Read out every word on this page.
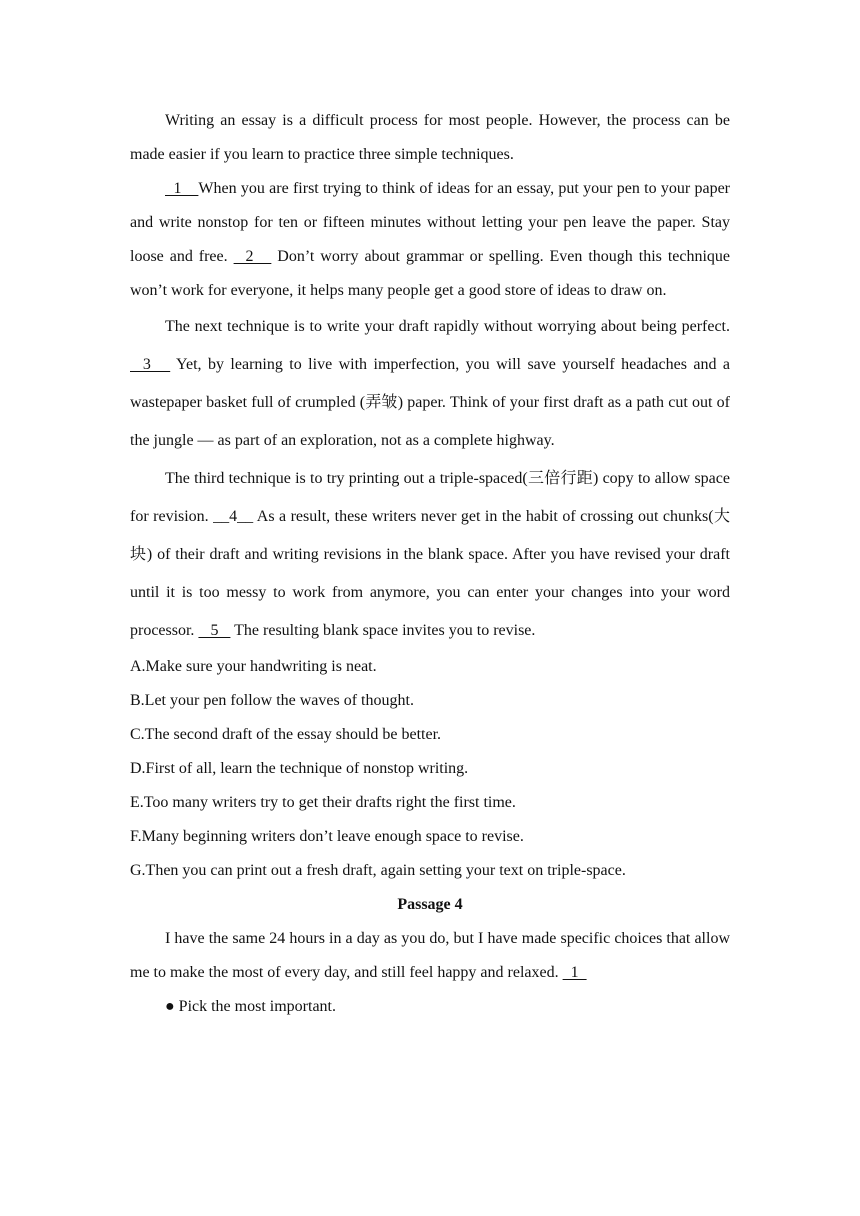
Writing an essay is a difficult process for most people. However, the process can be made easier if you learn to practice three simple techniques.

1    When you are first trying to think of ideas for an essay, put your pen to your paper and write nonstop for ten or fifteen minutes without letting your pen leave the paper. Stay loose and free.   2    Don’t worry about grammar or spelling. Even though this technique won’t work for everyone, it helps many people get a good store of ideas to draw on.

The next technique is to write your draft rapidly without worrying about being perfect.   3    Yet, by learning to live with imperfection, you will save yourself headaches and a wastepaper basket full of crumpled (弄皱) paper. Think of your first draft as a path cut out of the jungle — as part of an exploration, not as a complete highway.

The third technique is to try printing out a triple-spaced(三倍行距) copy to allow space for revision. __4__ As a result, these writers never get in the habit of crossing out chunks(大块) of their draft and writing revisions in the blank space. After you have revised your draft until it is too messy to work from anymore, you can enter your changes into your word processor.    5    The resulting blank space invites you to revise.

A.Make sure your handwriting is neat.

B.Let your pen follow the waves of thought.

C.The second draft of the essay should be better.

D.First of all, learn the technique of nonstop writing.

E.Too many writers try to get their drafts right the first time.

F.Many beginning writers don’t leave enough space to revise.

G.Then you can print out a fresh draft, again setting your text on triple-space.

Passage 4

I have the same 24 hours in a day as you do, but I have made specific choices that allow me to make the most of every day, and still feel happy and relaxed.   1

● Pick the most important.
